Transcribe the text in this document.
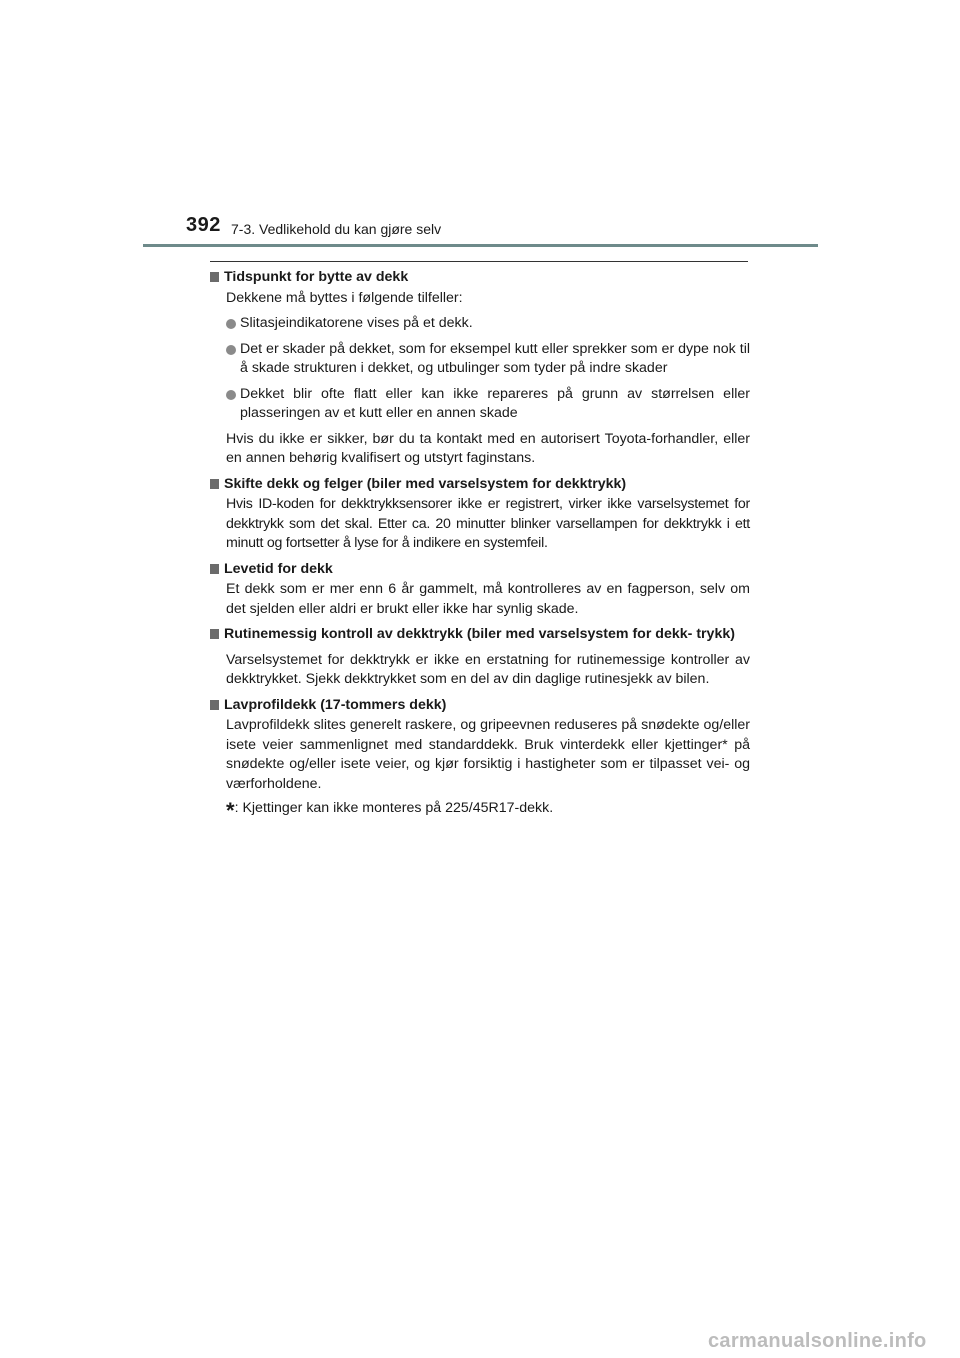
392 7-3. Vedlikehold du kan gjøre selv
Tidspunkt for bytte av dekk
Dekkene må byttes i følgende tilfeller:
Slitasjeindikatorene vises på et dekk.
Det er skader på dekket, som for eksempel kutt eller sprekker som er dype nok til å skade strukturen i dekket, og utbulinger som tyder på indre skader
Dekket blir ofte flatt eller kan ikke repareres på grunn av størrelsen eller plasseringen av et kutt eller en annen skade
Hvis du ikke er sikker, bør du ta kontakt med en autorisert Toyota-forhandler, eller en annen behørig kvalifisert og utstyrt faginstans.
Skifte dekk og felger (biler med varselsystem for dekktrykk)
Hvis ID-koden for dekktrykksensorer ikke er registrert, virker ikke varselsystemet for dekktrykk som det skal. Etter ca. 20 minutter blinker varsellampen for dekktrykk i ett minutt og fortsetter å lyse for å indikere en systemfeil.
Levetid for dekk
Et dekk som er mer enn 6 år gammelt, må kontrolleres av en fagperson, selv om det sjelden eller aldri er brukt eller ikke har synlig skade.
Rutinemessig kontroll av dekktrykk (biler med varselsystem for dekk- trykk)
Varselsystemet for dekktrykk er ikke en erstatning for rutinemessige kontroller av dekktrykket. Sjekk dekktrykket som en del av din daglige rutinesjekk av bilen.
Lavprofildekk (17-tommers dekk)
Lavprofildekk slites generelt raskere, og gripeevnen reduseres på snødekte og/eller isete veier sammenlignet med standarddekk. Bruk vinterdekk eller kjettinger* på snødekte og/eller isete veier, og kjør forsiktig i hastigheter som er tilpasset vei- og værforholdene.
*: Kjettinger kan ikke monteres på 225/45R17-dekk.
carmanualsonline.info
